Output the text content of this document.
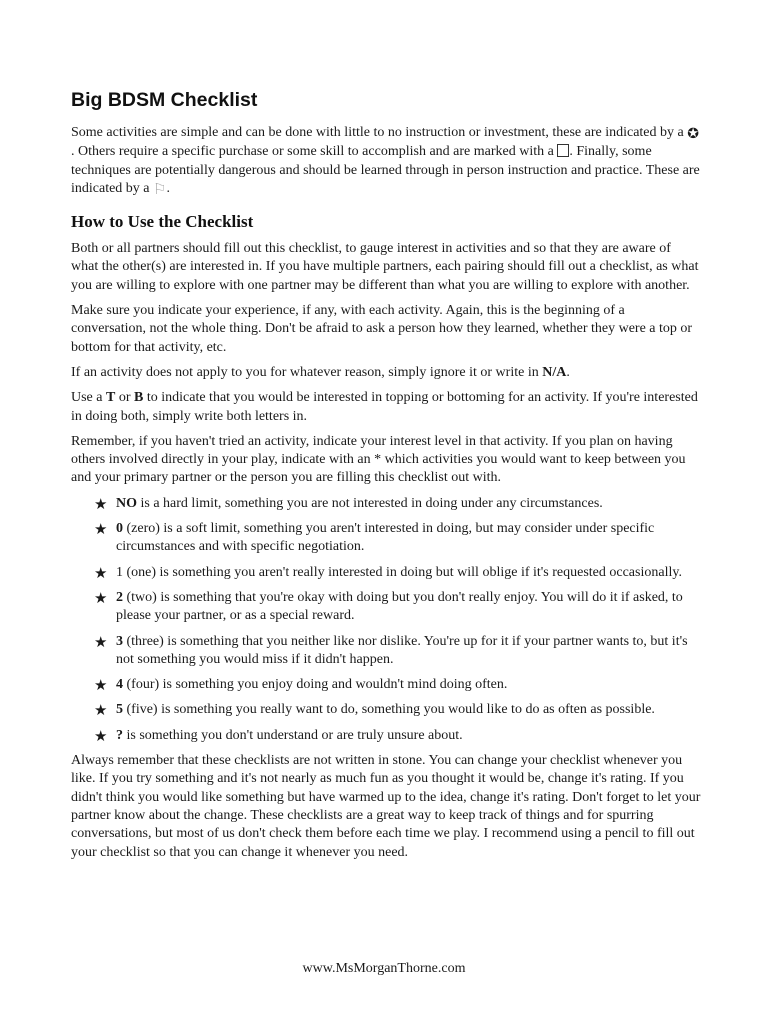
Big BDSM Checklist

Some activities are simple and can be done with little to no instruction or investment, these are indicated by a ✪. Others require a specific purchase or some skill to accomplish and are marked with a . Finally, some techniques are potentially dangerous and should be learned through in person instruction and practice. These are indicated by a ⚐.

How to Use the Checklist

Both or all partners should fill out this checklist, to gauge interest in activities and so that they are aware of what the other(s) are interested in. If you have multiple partners, each pairing should fill out a checklist, as what you are willing to explore with one partner may be different than what you are willing to explore with another.

Make sure you indicate your experience, if any, with each activity. Again, this is the beginning of a conversation, not the whole thing. Don't be afraid to ask a person how they learned, whether they were a top or bottom for that activity, etc.

If an activity does not apply to you for whatever reason, simply ignore it or write in N/A.

Use a T or B to indicate that you would be interested in topping or bottoming for an activity. If you're interested in doing both, simply write both letters in.

Remember, if you haven't tried an activity, indicate your interest level in that activity. If you plan on having others involved directly in your play, indicate with an * which activities you would want to keep between you and your primary partner or the person you are filling this checklist out with.

★ NO is a hard limit, something you are not interested in doing under any circumstances.
★ 0 (zero) is a soft limit, something you aren't interested in doing, but may consider under specific circumstances and with specific negotiation.
★ 1 (one) is something you aren't really interested in doing but will oblige if it's requested occasionally.
★ 2 (two) is something that you're okay with doing but you don't really enjoy. You will do it if asked, to please your partner, or as a special reward.
★ 3 (three) is something that you neither like nor dislike. You're up for it if your partner wants to, but it's not something you would miss if it didn't happen.
★ 4 (four) is something you enjoy doing and wouldn't mind doing often.
★ 5 (five) is something you really want to do, something you would like to do as often as possible.
★ ? is something you don't understand or are truly unsure about.

Always remember that these checklists are not written in stone. You can change your checklist whenever you like. If you try something and it's not nearly as much fun as you thought it would be, change it's rating. If you didn't think you would like something but have warmed up to the idea, change it's rating. Don't forget to let your partner know about the change. These checklists are a great way to keep track of things and for spurring conversations, but most of us don't check them before each time we play. I recommend using a pencil to fill out your checklist so that you can change it whenever you need.

www.MsMorganThorne.com
